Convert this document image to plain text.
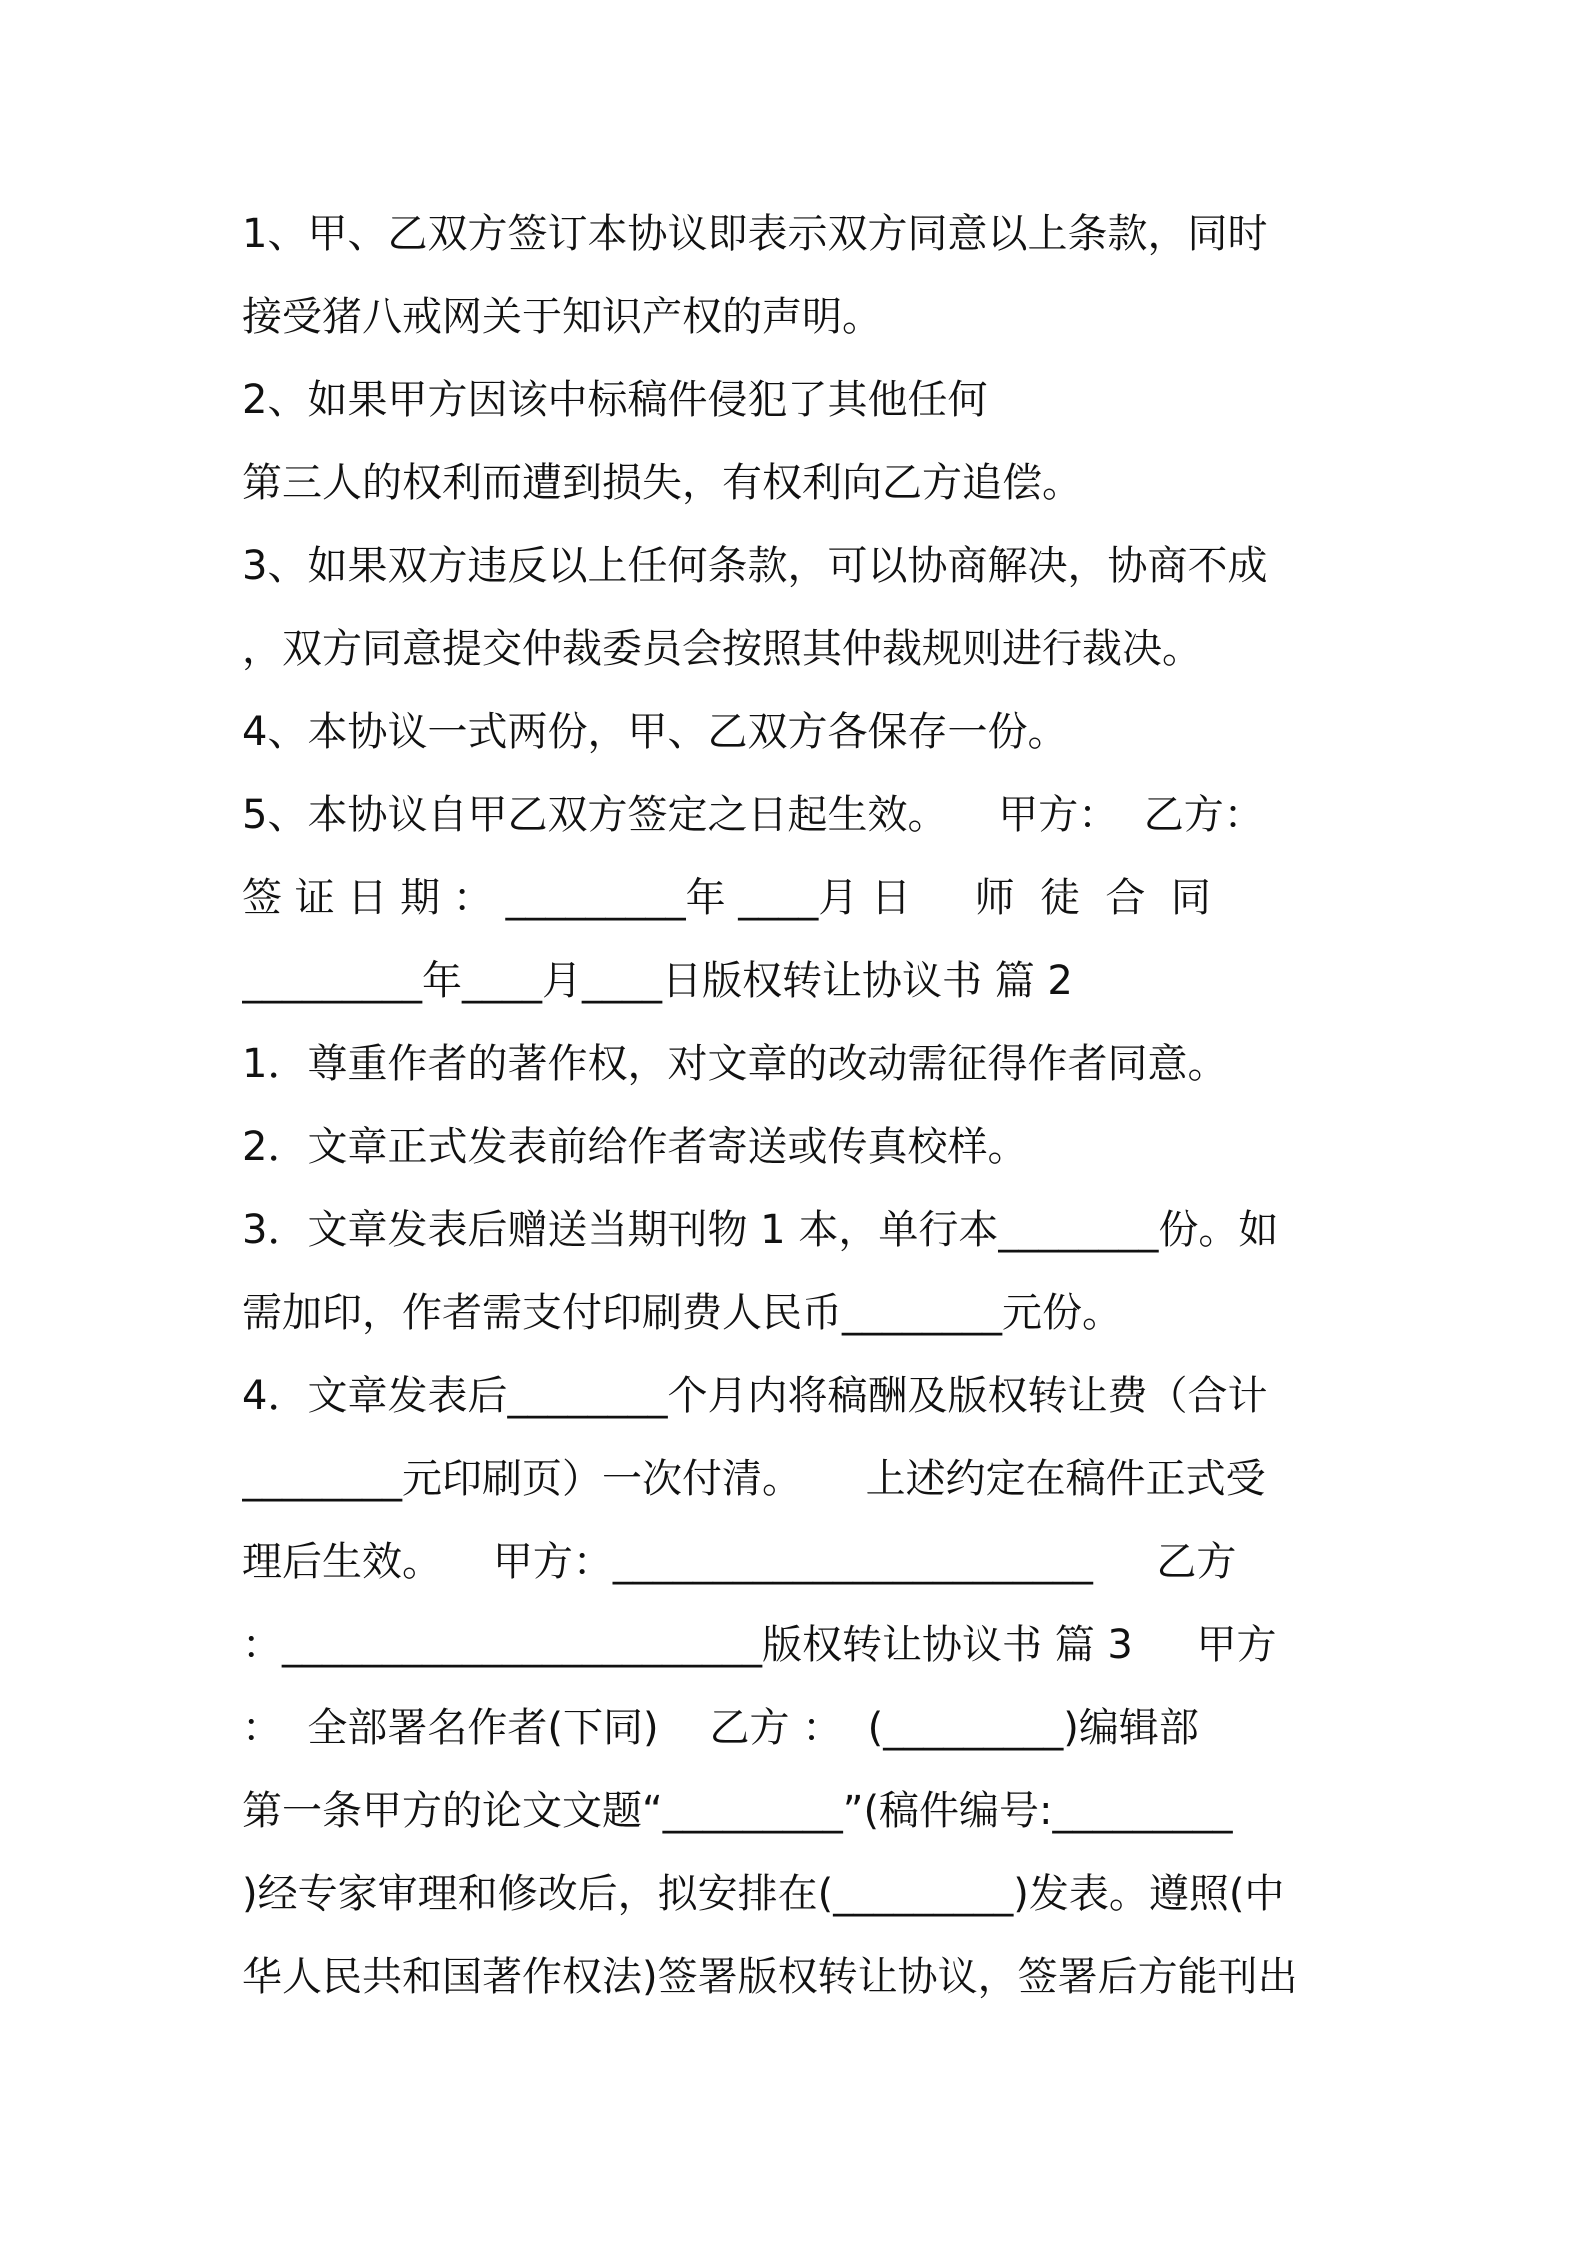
1、甲、乙双方签订本协议即表示双方同意以上条款，同时
接受猪八戒网关于知识产权的声明。
2、如果甲方因该中标稿件侵犯了其他任何
第三人的权利而遭到损失，有权利向乙方追偿。
3、如果双方违反以上任何条款，可以协商解决，协商不成
，双方同意提交仲裁委员会按照其仲裁规则进行裁决。
4、本协议一式两份，甲、乙双方各保存一份。
5、本协议自甲乙双方签定之日起生效。    甲方：  乙方：
签 证 日 期 ： _________年 ____月 日     师  徒  合  同
_________年____月____日版权转让协议书 篇 2
1．尊重作者的著作权，对文章的改动需征得作者同意。
2．文章正式发表前给作者寄送或传真校样。
3．文章发表后赠送当期刊物 1 本，单行本________份。如
需加印，作者需支付印刷费人民币________元份。
4．文章发表后________个月内将稿酬及版权转让费（合计
________元印刷页）一次付清。     上述约定在稿件正式受
理后生效。    甲方：________________________     乙方
：________________________版权转让协议书 篇 3     甲方
：  全部署名作者(下同)    乙方 ：  (_________)编辑部
第一条甲方的论文文题“_________”(稿件编号:_________
)经专家审理和修改后，拟安排在(_________)发表。遵照(中
华人民共和国著作权法)签署版权转让协议，签署后方能刊出
